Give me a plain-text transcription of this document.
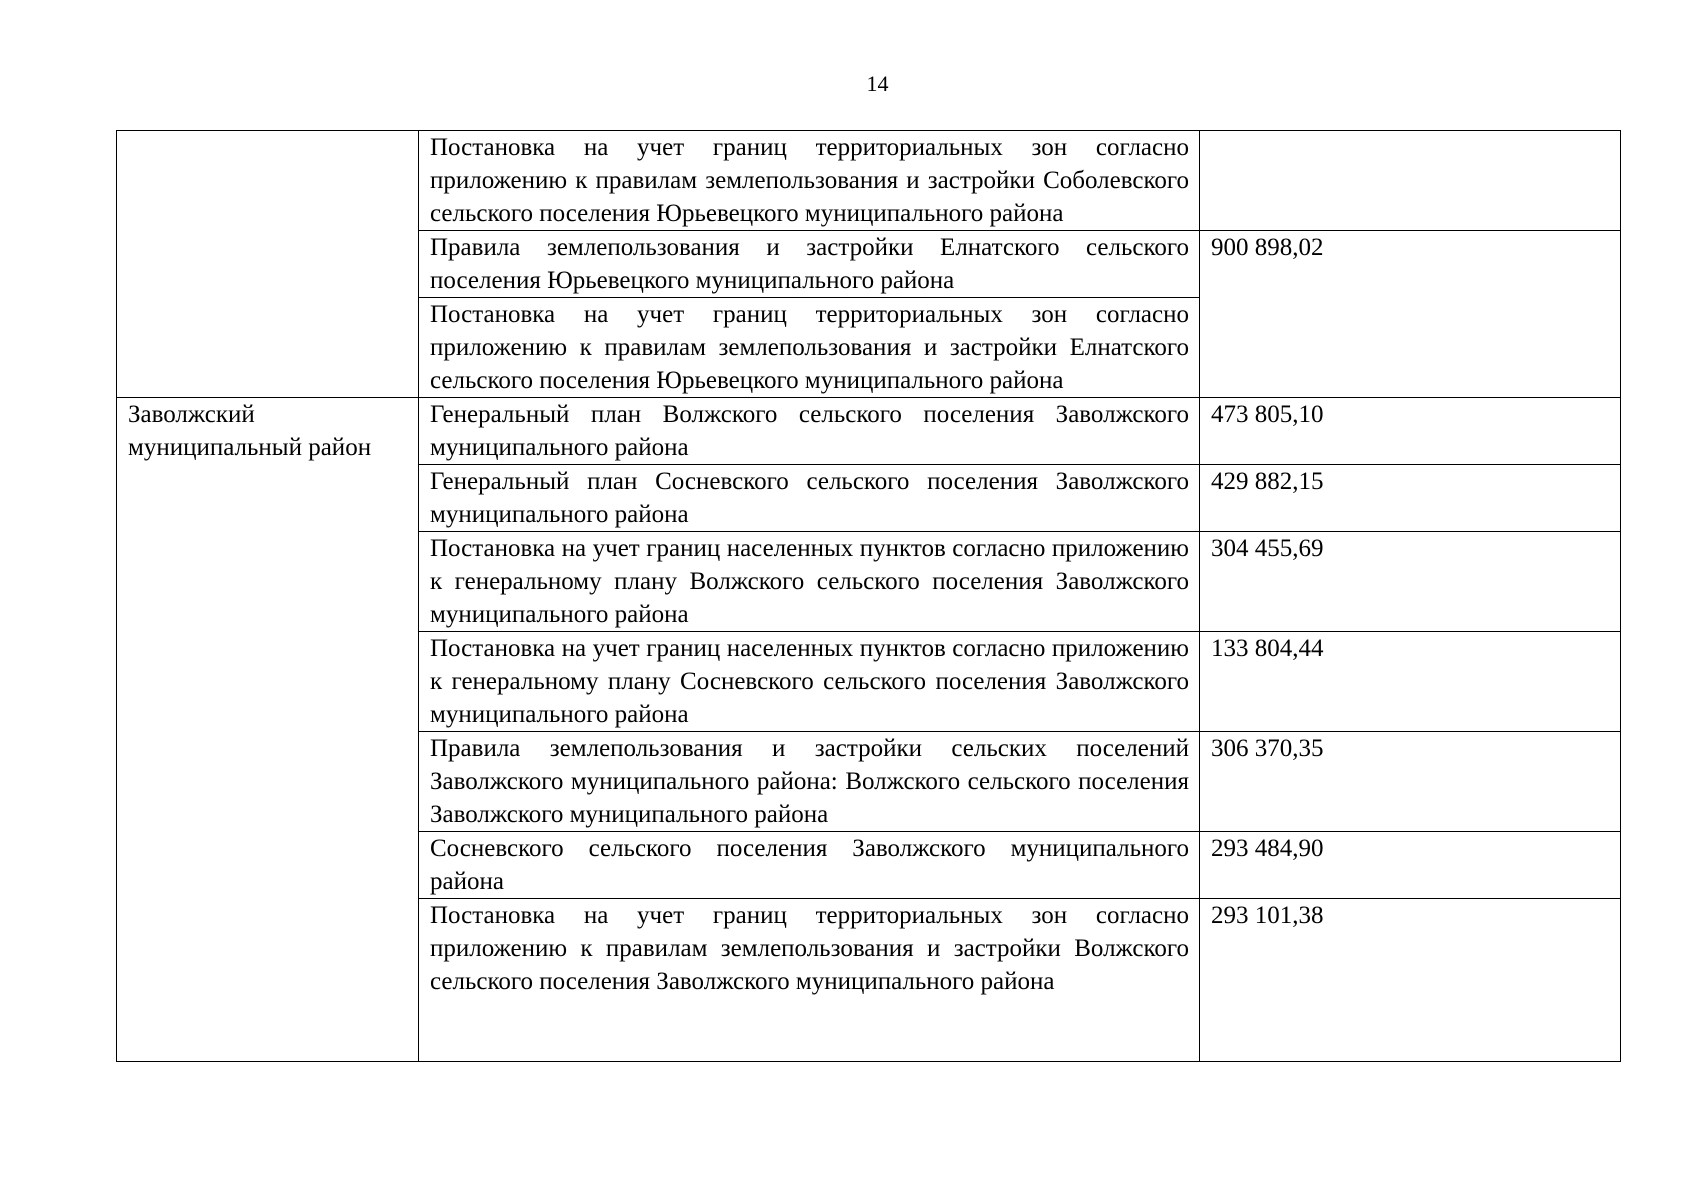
14
	Постановка на учет границ территориальных зон согласно приложению к правилам землепользования и застройки Соболевского сельского поселения Юрьевецкого муниципального района	
	Правила землепользования и застройки Елнатского сельского поселения Юрьевецкого муниципального района	900 898,02
	Постановка на учет границ территориальных зон согласно приложению к правилам землепользования и застройки Елнатского сельского поселения Юрьевецкого муниципального района	
Заволжский муниципальный район	Генеральный план Волжского сельского поселения Заволжского муниципального района	473 805,10
	Генеральный план Сосневского сельского поселения Заволжского муниципального района	429 882,15
	Постановка на учет границ населенных пунктов согласно приложению к генеральному плану Волжского сельского поселения Заволжского муниципального района	304 455,69
	Постановка на учет границ населенных пунктов согласно приложению к генеральному плану Сосневского сельского поселения Заволжского муниципального района	133 804,44
	Правила землепользования и застройки сельских поселений Заволжского муниципального района: Волжского сельского поселения Заволжского муниципального района	306 370,35
	Сосневского сельского поселения Заволжского муниципального района	293 484,90
	Постановка на учет границ территориальных зон согласно приложению к правилам землепользования и застройки Волжского сельского поселения Заволжского муниципального района	293 101,38
